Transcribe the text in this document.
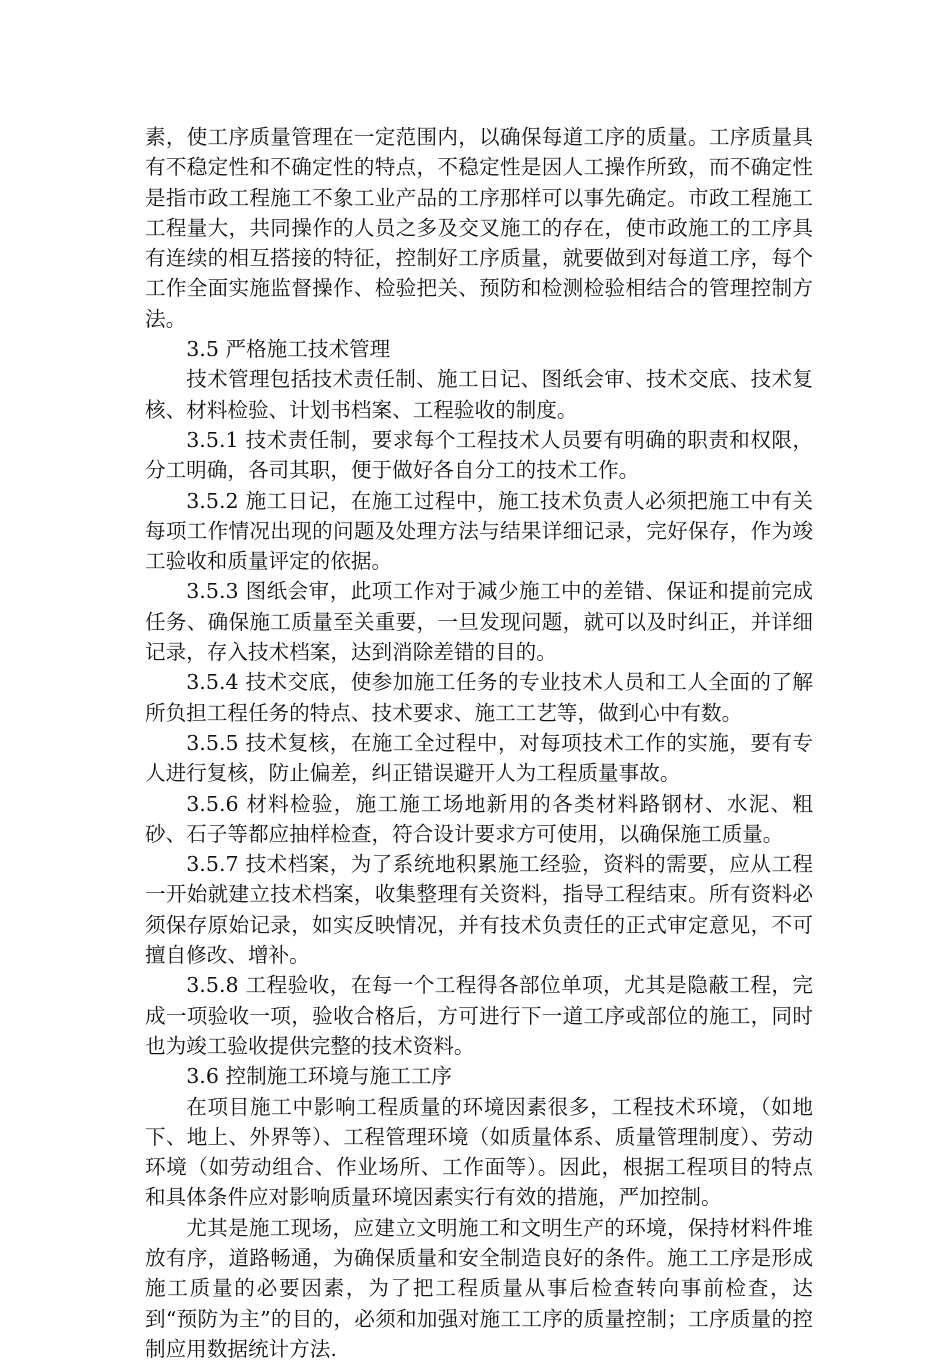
素，使工序质量管理在一定范围内，以确保每道工序的质量。工序质量具有不稳定性和不确定性的特点，不稳定性是因人工操作所致，而不确定性是指市政工程施工不象工业产品的工序那样可以事先确定。市政工程施工工程量大，共同操作的人员之多及交叉施工的存在，使市政施工的工序具有连续的相互搭接的特征，控制好工序质量，就要做到对每道工序，每个工作全面实施监督操作、检验把关、预防和检测检验相结合的管理控制方法。

3.5 严格施工技术管理

技术管理包括技术责任制、施工日记、图纸会审、技术交底、技术复核、材料检验、计划书档案、工程验收的制度。

3.5.1 技术责任制，要求每个工程技术人员要有明确的职责和权限，分工明确，各司其职，便于做好各自分工的技术工作。

3.5.2 施工日记，在施工过程中，施工技术负责人必须把施工中有关每项工作情况出现的问题及处理方法与结果详细记录，完好保存，作为竣工验收和质量评定的依据。

3.5.3 图纸会审，此项工作对于减少施工中的差错、保证和提前完成任务、确保施工质量至关重要，一旦发现问题，就可以及时纠正，并详细记录，存入技术档案，达到消除差错的目的。

3.5.4 技术交底，使参加施工任务的专业技术人员和工人全面的了解所负担工程任务的特点、技术要求、施工工艺等，做到心中有数。

3.5.5 技术复核，在施工全过程中，对每项技术工作的实施，要有专人进行复核，防止偏差，纠正错误避开人为工程质量事故。

3.5.6 材料检验，施工施工场地新用的各类材料路钢材、水泥、粗砂、石子等都应抽样检查，符合设计要求方可使用，以确保施工质量。

3.5.7 技术档案，为了系统地积累施工经验，资料的需要，应从工程一开始就建立技术档案，收集整理有关资料，指导工程结束。所有资料必须保存原始记录，如实反映情况，并有技术负责任的正式审定意见，不可擅自修改、增补。

3.5.8 工程验收，在每一个工程得各部位单项，尤其是隐蔽工程，完成一项验收一项，验收合格后，方可进行下一道工序或部位的施工，同时也为竣工验收提供完整的技术资料。

3.6 控制施工环境与施工工序

在项目施工中影响工程质量的环境因素很多，工程技术环境，（如地下、地上、外界等）、工程管理环境（如质量体系、质量管理制度）、劳动环境（如劳动组合、作业场所、工作面等）。因此，根据工程项目的特点和具体条件应对影响质量环境因素实行有效的措施，严加控制。

尤其是施工现场，应建立文明施工和文明生产的环境，保持材料件堆放有序，道路畅通，为确保质量和安全制造良好的条件。施工工序是形成施工质量的必要因素，为了把工程质量从事后检查转向事前检查，达到“预防为主”的目的，必须和加强对施工工序的质量控制；工序质量的控制应用数据统计方法.
